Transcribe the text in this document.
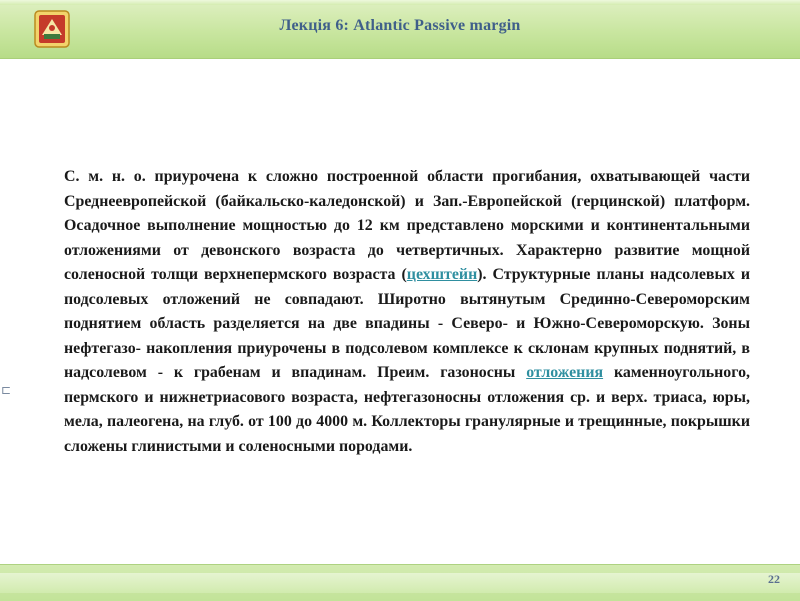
Лекція 6: Atlantic Passive margin
⊏
С. м. н. о. приурочена к сложно построенной области прогибания, охватывающей части Среднеевропейской (байкальско-каледонской) и Зап.-Европейской (герцинской) платформ. Осадочное выполнение мощностью до 12 км представлено морскими и континентальными отложениями от девонского возраста до четвертичных. Характерно развитие мощной соленосной толщи верхнепермского возраста (цехштейн). Структурные планы надсолевых и подсолевых отложений не совпадают. Широтно вытянутым Срединно-Североморским поднятием область разделяется на две впадины - Северо- и Южно-Североморскую. Зоны нефтегазо- накопления приурочены в подсолевом комплексе к склонам крупных поднятий, в надсолевом - к грабенам и впадинам. Преим. газоносны отложения каменноугольного, пермского и нижнетриасового возраста, нефтегазоносны отложения ср. и верх. триаса, юры, мела, палеогена, на глуб. от 100 до 4000 м. Коллекторы гранулярные и трещинные, покрышки сложены глинистыми и соленосными породами.
22
